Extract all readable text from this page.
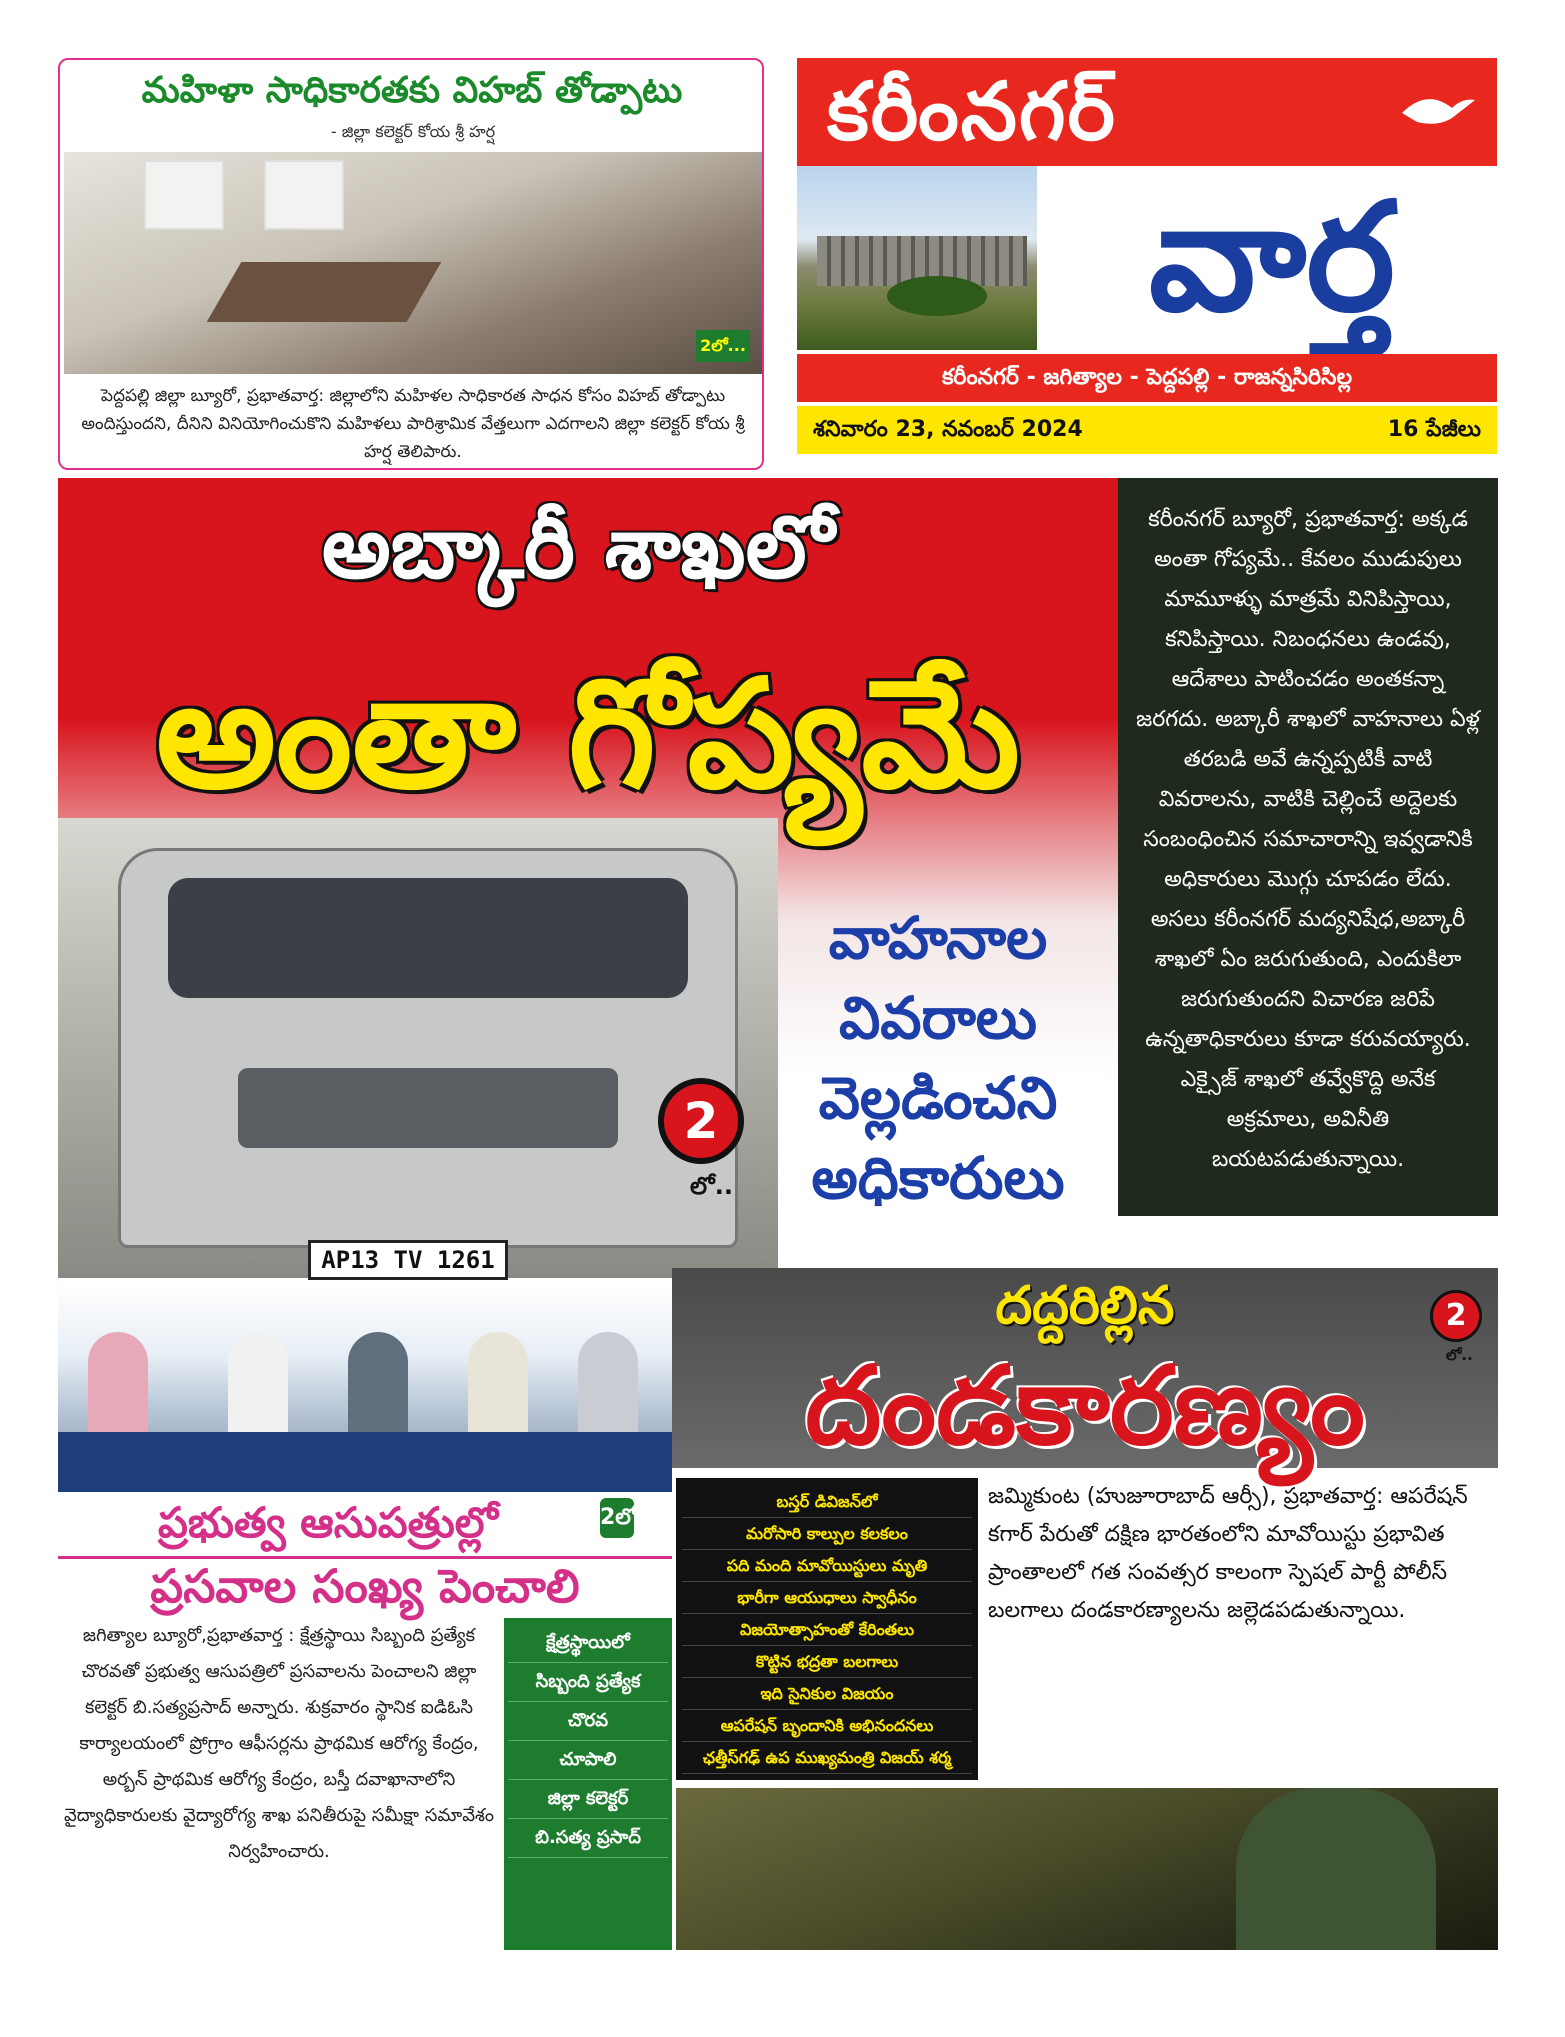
మహిళా సాధికారతకు విహబ్ తోడ్పాటు
- జిల్లా కలెక్టర్ కోయ శ్రీ హర్ష
2లో...
పెద్దపల్లి జిల్లా బ్యూరో, ప్రభాతవార్త: జిల్లాలోని మహిళల సాధికారత సాధన కోసం విహబ్ తోడ్పాటు అందిస్తుందని, దీనిని వినియోగించుకొని మహిళలు పారిశ్రామిక వేత్తలుగా ఎదగాలని జిల్లా కలెక్టర్ కోయ శ్రీ హర్ష తెలిపారు.
కరీంనగర్
వార్త
కరీంనగర్ - జగిత్యాల - పెద్దపల్లి - రాజన్నసిరిసిల్ల
శనివారం 23, నవంబర్ 2024	16 పేజీలు
AP13 TV 1261
అబ్కారీ శాఖలో
అంతా గోప్యమే
వాహనాల
వివరాలు
వెల్లడించని
అధికారులు
2
లో..
కరీంనగర్ బ్యూరో, ప్రభాతవార్త: అక్కడ అంతా గోప్యమే.. కేవలం ముడుపులు మామూళ్ళు మాత్రమే వినిపిస్తాయి, కనిపిస్తాయి. నిబంధనలు ఉండవు, ఆదేశాలు పాటించడం అంతకన్నా జరగదు. అబ్కారీ శాఖలో వాహనాలు ఏళ్ల తరబడి అవే ఉన్నప్పటికీ వాటి వివరాలను, వాటికి చెల్లించే అద్దెలకు సంబంధించిన సమాచారాన్ని ఇవ్వడానికి అధికారులు మొగ్గు చూపడం లేదు. అసలు కరీంనగర్ మద్యనిషేధ,అబ్కారీ శాఖలో ఏం జరుగుతుంది, ఎందుకిలా జరుగుతుందని విచారణ జరిపే ఉన్నతాధికారులు కూడా కరువయ్యారు. ఎక్సైజ్ శాఖలో తవ్వేకొద్ది అనేక అక్రమాలు, అవినీతి బయటపడుతున్నాయి.
ప్రభుత్వ ఆసుపత్రుల్లో	2లో
ప్రసవాల సంఖ్య పెంచాలి
జగిత్యాల బ్యూరో,ప్రభాతవార్త : క్షేత్రస్థాయి సిబ్బంది ప్రత్యేక చొరవతో ప్రభుత్వ ఆసుపత్రిలో ప్రసవాలను పెంచాలని జిల్లా కలెక్టర్ బి.సత్యప్రసాద్ అన్నారు. శుక్రవారం స్థానిక ఐడిఓసి కార్యాలయంలో ప్రోగ్రాం ఆఫీసర్లను ప్రాథమిక ఆరోగ్య కేంద్రం, అర్బన్ ప్రాథమిక ఆరోగ్య కేంద్రం, బస్తీ దవాఖానాలోని వైద్యాధికారులకు వైద్యారోగ్య శాఖ పనితీరుపై సమీక్షా సమావేశం నిర్వహించారు.
క్షేత్రస్థాయిలో
సిబ్బంది ప్రత్యేక
చొరవ
చూపాలి
జిల్లా కలెక్టర్
బి.సత్య ప్రసాద్
దద్దరిల్లిన
దండకారణ్యం
2
లో..
బస్తర్ డివిజన్‌లో
మరోసారి కాల్పుల కలకలం
పది మంది మావోయిస్టులు మృతి
భారీగా ఆయుధాలు స్వాధీనం
విజయోత్సాహంతో కేరింతలు
కొట్టిన భద్రతా బలగాలు
ఇది సైనికుల విజయం
ఆపరేషన్ బృందానికి అభినందనలు
ఛత్తీస్‌గఢ్ ఉప ముఖ్యమంత్రి విజయ్ శర్మ
జమ్మికుంట (హుజూరాబాద్ ఆర్సీ), ప్రభాతవార్త: ఆపరేషన్ కగార్ పేరుతో దక్షిణ భారతంలోని మావోయిస్టు ప్రభావిత ప్రాంతాలలో గత సంవత్సర కాలంగా స్పెషల్ పార్టీ పోలీస్ బలగాలు దండకారణ్యాలను జల్లెడపడుతున్నాయి.
